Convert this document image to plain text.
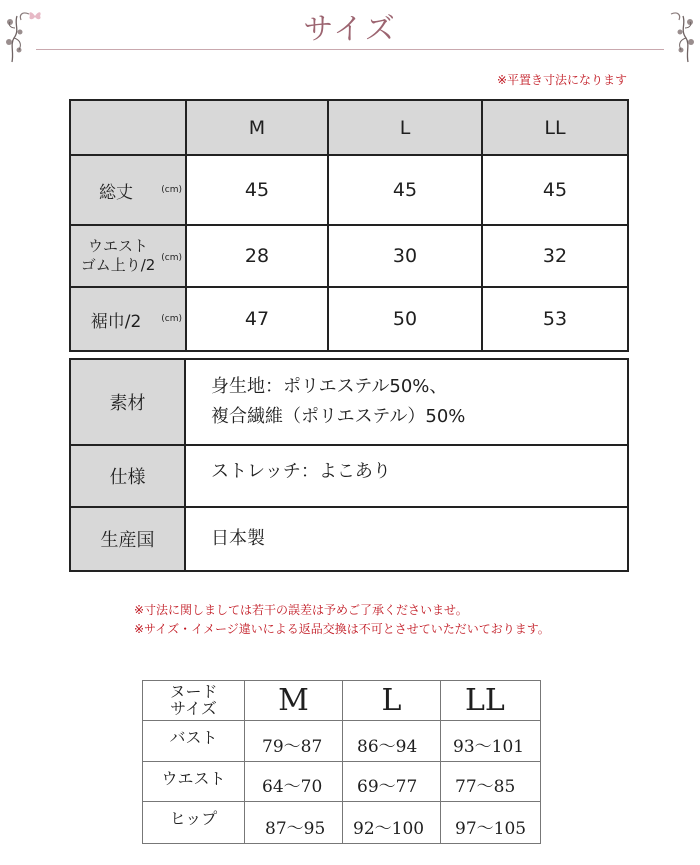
サイズ
※平置き寸法になります
	M	L	LL
総丈 (cm)	45	45	45

ウエスト
ゴム上り/2 (cm)	28	30	32
裾巾/2 (cm)	47	50	53
素材	身生地：ポリエステル50%、
複合繊維（ポリエステル）50%

仕様	ストレッチ：よこあり

生産国	日本製
※寸法に関しましては若干の誤差は予めご了承くださいませ。
※サイズ・イメージ違いによる返品交換は不可とさせていただいております。
ヌード
サイズ	M	L	LL
バスト	79〜87	86〜94	93〜101
ウエスト	64〜70	69〜77	77〜85
ヒップ	87〜95	92〜100	97〜105
